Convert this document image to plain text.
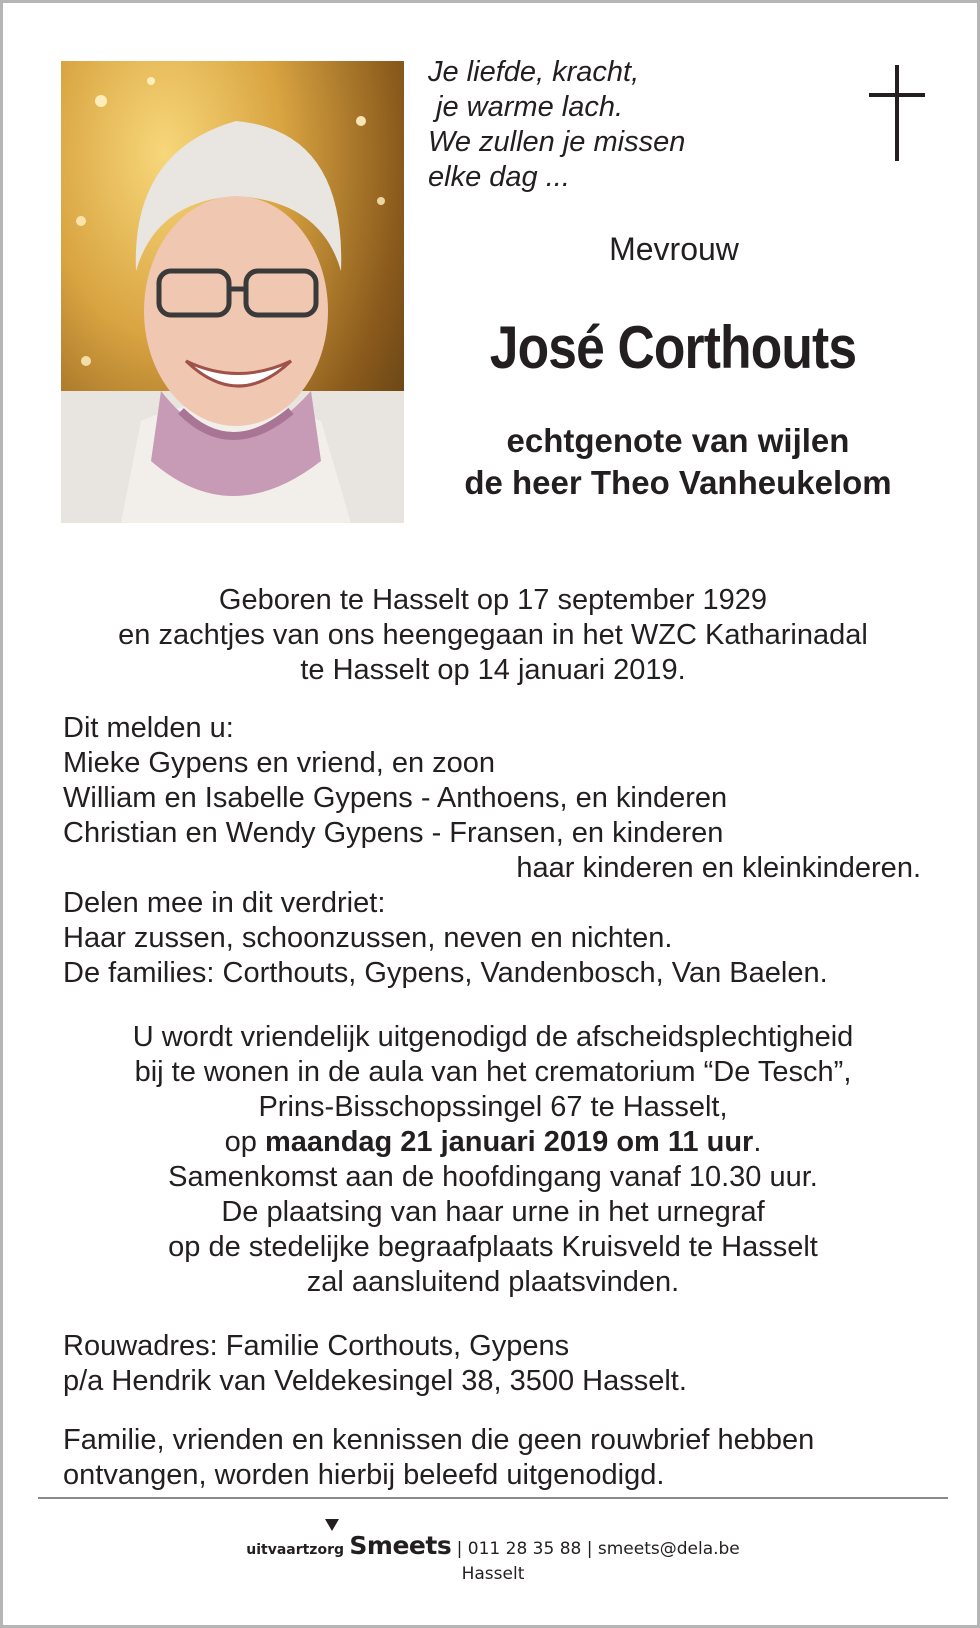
Je liefde, kracht,
je warme lach.
We zullen je missen
elke dag ...
Mevrouw
José Corthouts
echtgenote van wijlen
de heer Theo Vanheukelom
Geboren te Hasselt op 17 september 1929
en zachtjes van ons heengegaan in het WZC Katharinadal
te Hasselt op 14 januari 2019.
Dit melden u:
Mieke Gypens en vriend, en zoon
William en Isabelle Gypens - Anthoens, en kinderen
Christian en Wendy Gypens - Fransen, en kinderen
haar kinderen en kleinkinderen.
Delen mee in dit verdriet:
Haar zussen, schoonzussen, neven en nichten.
De families: Corthouts, Gypens, Vandenbosch, Van Baelen.
U wordt vriendelijk uitgenodigd de afscheidsplechtigheid
bij te wonen in de aula van het crematorium “De Tesch”,
Prins-Bisschopssingel 67 te Hasselt,
op maandag 21 januari 2019 om 11 uur.
Samenkomst aan de hoofdingang vanaf 10.30 uur.
De plaatsing van haar urne in het urnegraf
op de stedelijke begraafplaats Kruisveld te Hasselt
zal aansluitend plaatsvinden.
Rouwadres: Familie Corthouts, Gypens
p/a Hendrik van Veldekesingel 38, 3500 Hasselt.
Familie, vrienden en kennissen die geen rouwbrief hebben
ontvangen, worden hierbij beleefd uitgenodigd.
uitvaartzorg Smeets | 011 28 35 88 | smeets@dela.be
Hasselt
